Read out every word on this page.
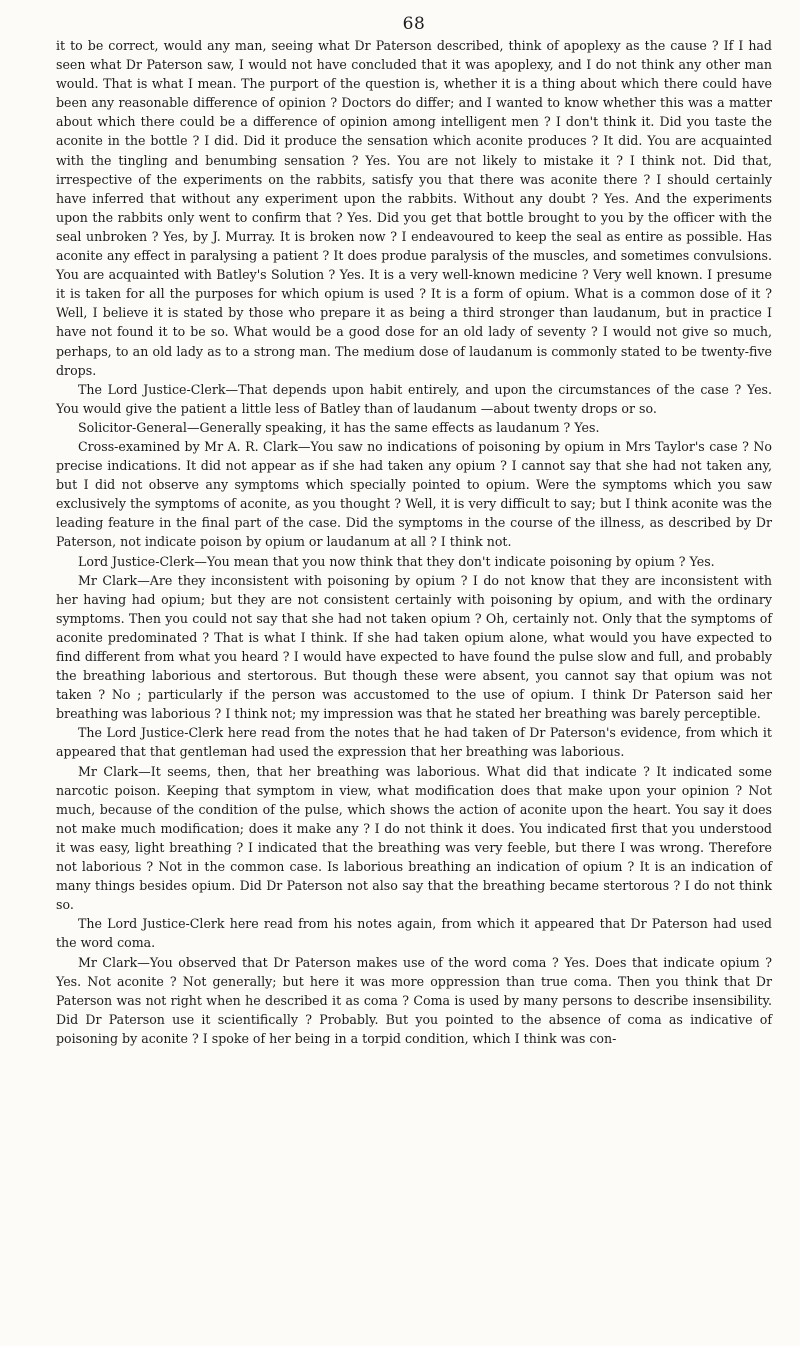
68

it to be correct, would any man, seeing what Dr Paterson described, think of apoplexy as the cause ? If I had seen what Dr Paterson saw, I would not have concluded that it was apoplexy, and I do not think any other man would. That is what I mean. The purport of the question is, whether it is a thing about which there could have been any reasonable difference of opinion ? Doctors do differ; and I wanted to know whether this was a matter about which there could be a difference of opinion among intelligent men ? I don't think it. Did you taste the aconite in the bottle ? I did. Did it produce the sensation which aconite produces ? It did. You are acquainted with the tingling and benumbing sensation ? Yes. You are not likely to mistake it ? I think not. Did that, irrespective of the experiments on the rabbits, satisfy you that there was aconite there ? I should certainly have inferred that without any experiment upon the rabbits. Without any doubt ? Yes. And the experiments upon the rabbits only went to confirm that ? Yes. Did you get that bottle brought to you by the officer with the seal unbroken ? Yes, by J. Murray. It is broken now ? I endeavoured to keep the seal as entire as possible. Has aconite any effect in paralysing a patient ? It does produe paralysis of the muscles, and sometimes convulsions. You are acquainted with Batley's Solution ? Yes. It is a very well-known medicine ? Very well known. I presume it is taken for all the purposes for which opium is used ? It is a form of opium. What is a common dose of it ? Well, I believe it is stated by those who prepare it as being a third stronger than laudanum, but in practice I have not found it to be so. What would be a good dose for an old lady of seventy ? I would not give so much, perhaps, to an old lady as to a strong man. The medium dose of laudanum is commonly stated to be twenty-five drops.

The Lord Justice-Clerk—That depends upon habit entirely, and upon the circumstances of the case ? Yes. You would give the patient a little less of Batley than of laudanum —about twenty drops or so.

Solicitor-General—Generally speaking, it has the same effects as laudanum ? Yes.

Cross-examined by Mr A. R. Clark—You saw no indications of poisoning by opium in Mrs Taylor's case ? No precise indications. It did not appear as if she had taken any opium ? I cannot say that she had not taken any, but I did not observe any symptoms which specially pointed to opium. Were the symptoms which you saw exclusively the symptoms of aconite, as you thought ? Well, it is very difficult to say; but I think aconite was the leading feature in the final part of the case. Did the symptoms in the course of the illness, as described by Dr Paterson, not indicate poison by opium or laudanum at all ? I think not.

Lord Justice-Clerk—You mean that you now think that they don't indicate poisoning by opium ? Yes.

Mr Clark—Are they inconsistent with poisoning by opium ? I do not know that they are inconsistent with her having had opium; but they are not consistent certainly with poisoning by opium, and with the ordinary symptoms. Then you could not say that she had not taken opium ? Oh, certainly not. Only that the symptoms of aconite predominated ? That is what I think. If she had taken opium alone, what would you have expected to find different from what you heard ? I would have expected to have found the pulse slow and full, and probably the breathing laborious and stertorous. But though these were absent, you cannot say that opium was not taken ? No ; particularly if the person was accustomed to the use of opium. I think Dr Paterson said her breathing was laborious ? I think not; my impression was that he stated her breathing was barely perceptible.

The Lord Justice-Clerk here read from the notes that he had taken of Dr Paterson's evidence, from which it appeared that that gentleman had used the expression that her breathing was laborious.

Mr Clark—It seems, then, that her breathing was laborious. What did that indicate ? It indicated some narcotic poison. Keeping that symptom in view, what modification does that make upon your opinion ? Not much, because of the condition of the pulse, which shows the action of aconite upon the heart. You say it does not make much modification; does it make any ? I do not think it does. You indicated first that you understood it was easy, light breathing ? I indicated that the breathing was very feeble, but there I was wrong. Therefore not laborious ? Not in the common case. Is laborious breathing an indication of opium ? It is an indication of many things besides opium. Did Dr Paterson not also say that the breathing became stertorous ? I do not think so.

The Lord Justice-Clerk here read from his notes again, from which it appeared that Dr Paterson had used the word coma.

Mr Clark—You observed that Dr Paterson makes use of the word coma ? Yes. Does that indicate opium ? Yes. Not aconite ? Not generally; but here it was more oppression than true coma. Then you think that Dr Paterson was not right when he described it as coma ? Coma is used by many persons to describe insensibility. Did Dr Paterson use it scientifically ? Probably. But you pointed to the absence of coma as indicative of poisoning by aconite ? I spoke of her being in a torpid condition, which I think was con-
